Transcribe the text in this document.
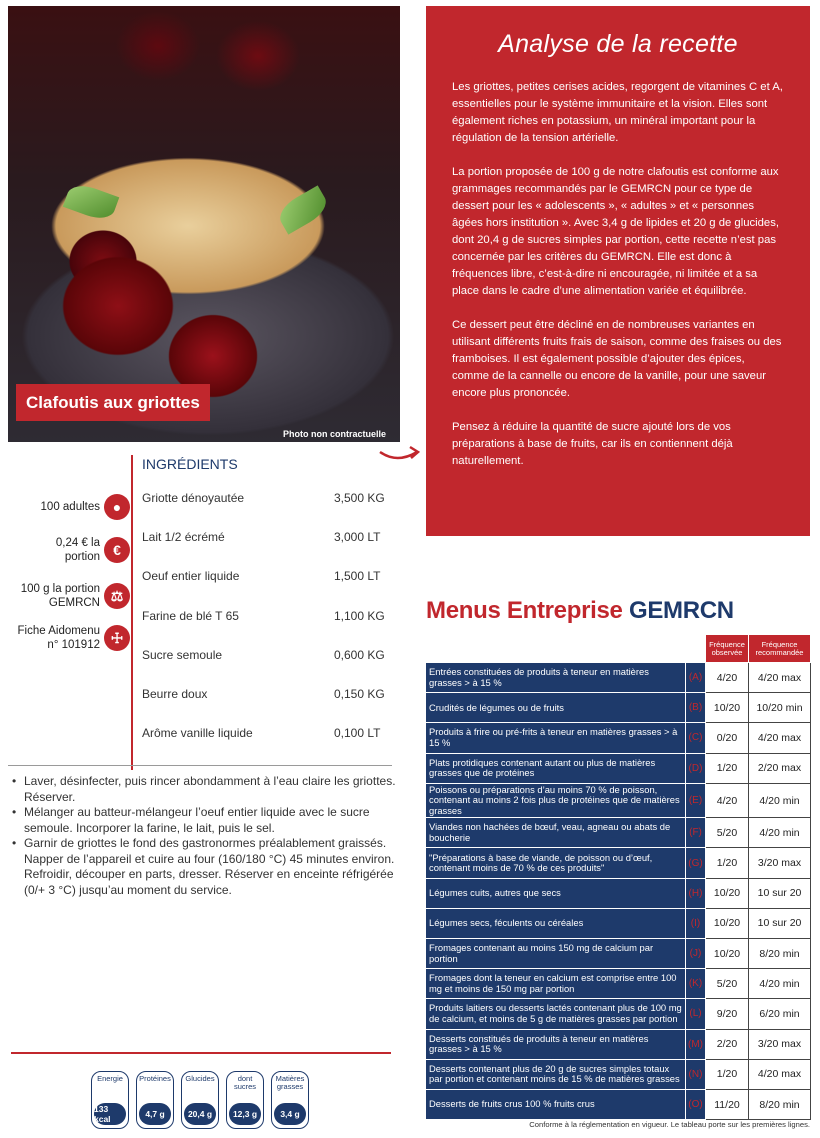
Clafoutis aux griottes
Photo non contractuelle
Analyse de la recette

Les griottes, petites cerises acides, regorgent de vitamines C et A, essentielles pour le système immunitaire et la vision. Elles sont également riches en potassium, un minéral important pour la régulation de la tension artérielle.

La portion proposée de 100 g de notre clafoutis est conforme aux grammages recommandés par le GEMRCN pour ce type de dessert pour les « adolescents », « adultes » et « personnes âgées hors institution ». Avec 3,4 g de lipides et 20 g de glucides, dont 20,4 g de sucres simples par portion, cette recette n’est pas concernée par les critères du GEMRCN. Elle est donc à fréquences libre, c’est-à-dire ni encouragée, ni limitée et a sa place dans le cadre d’une alimentation variée et équilibrée.

Ce dessert peut être décliné en de nombreuses variantes en utilisant différents fruits frais de saison, comme des fraises ou des framboises. Il est également possible d’ajouter des épices, comme de la cannelle ou encore de la vanille, pour une saveur encore plus prononcée.

Pensez à réduire la quantité de sucre ajouté lors de vos préparations à base de fruits, car ils en contiennent déjà naturellement.

100 adultes ●
0,24 € la portion €
100 g la portion GEMRCN ⚖
Fiche Aidomenu n° 101912 ☩
INGRÉDIENTS
Griotte dénoyautée	3,500 KG
Lait 1/2 écrémé	3,000 LT
Oeuf entier liquide	1,500 LT
Farine de blé T 65	1,100 KG
Sucre semoule	0,600 KG
Beurre doux	0,150 KG
Arôme vanille liquide	0,100 LT
• Laver, désinfecter, puis rincer abondamment à l’eau claire les griottes. Réserver.
• Mélanger au batteur-mélangeur l’oeuf entier liquide avec le sucre semoule. Incorporer la farine, le lait, puis le sel.
• Garnir de griottes le fond des gastronormes préalablement graissés. Napper de l’appareil et cuire au four (160/180 °C) 45 minutes environ. Refroidir, découper en parts, dresser. Réserver en enceinte réfrigérée (0/+ 3 °C) jusqu’au moment du service.
Energie
133 kcal
Protéines
4,7 g
Glucides
20,4 g
dont sucres
12,3 g
Matières grasses
3,4 g
Menus Entreprise GEMRCN
		Fréquence observée	Fréquence recommandée
Entrées constituées de produits à teneur en matières grasses > à 15 %	(A)	4/20	4/20 max
Crudités de légumes ou de fruits	(B)	10/20	10/20 min
Produits à frire ou pré-frits à teneur en matières grasses > à 15 %	(C)	0/20	4/20 max
Plats protidiques contenant autant ou plus de matières grasses que de protéines	(D)	1/20	2/20 max
Poissons ou préparations d’au moins 70 % de poisson, contenant au moins 2 fois plus de protéines que de matières grasses	(E)	4/20	4/20 min
Viandes non hachées de bœuf, veau, agneau ou abats de boucherie	(F)	5/20	4/20 min
"Préparations à base de viande, de poisson ou d’œuf, contenant moins de 70 % de ces produits"	(G)	1/20	3/20 max
Légumes cuits, autres que secs	(H)	10/20	10 sur 20
Légumes secs, féculents ou céréales	(I)	10/20	10 sur 20
Fromages contenant au moins 150 mg de calcium par portion	(J)	10/20	8/20 min
Fromages dont la teneur en calcium est comprise entre 100 mg et moins de 150 mg par portion	(K)	5/20	4/20 min
Produits laitiers ou desserts lactés contenant plus de 100 mg de calcium, et moins de 5 g de matières grasses par portion	(L)	9/20	6/20 min
Desserts constitués de produits à teneur en matières grasses > à 15 %	(M)	2/20	3/20 max
Desserts contenant plus de 20 g de sucres simples totaux par portion et contenant moins de 15 % de matières grasses	(N)	1/20	4/20 max
Desserts de fruits crus 100 % fruits crus	(O)	11/20	8/20 min
Conforme à la réglementation en vigueur. Le tableau porte sur les premières lignes.
